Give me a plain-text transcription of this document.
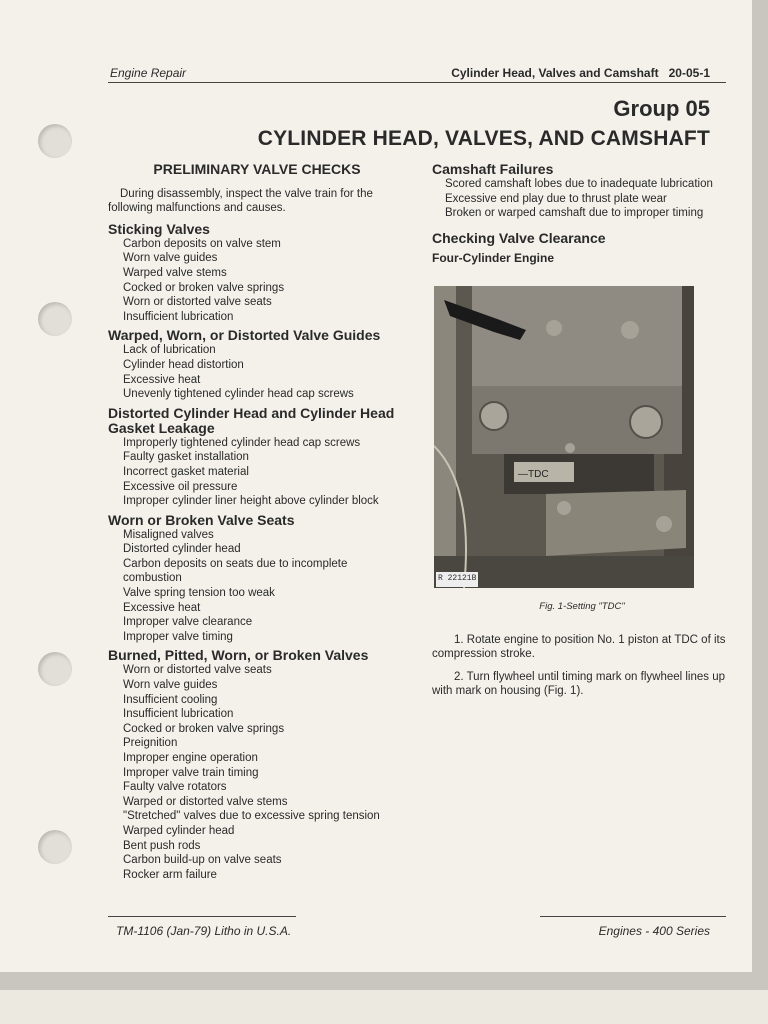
Engine Repair	Cylinder Head, Valves and Camshaft 20-05-1
Group 05
CYLINDER HEAD, VALVES, AND CAMSHAFT
PRELIMINARY VALVE CHECKS

During disassembly, inspect the valve train for the following malfunctions and causes.

Sticking Valves
Carbon deposits on valve stem
Worn valve guides
Warped valve stems
Cocked or broken valve springs
Worn or distorted valve seats
Insufficient lubrication
Warped, Worn, or Distorted Valve Guides
Lack of lubrication
Cylinder head distortion
Excessive heat
Unevenly tightened cylinder head cap screws
Distorted Cylinder Head and Cylinder Head Gasket Leakage
Improperly tightened cylinder head cap screws
Faulty gasket installation
Incorrect gasket material
Excessive oil pressure
Improper cylinder liner height above cylinder block
Worn or Broken Valve Seats
Misaligned valves
Distorted cylinder head
Carbon deposits on seats due to incomplete combustion
Valve spring tension too weak
Excessive heat
Improper valve clearance
Improper valve timing
Burned, Pitted, Worn, or Broken Valves
Worn or distorted valve seats
Worn valve guides
Insufficient cooling
Insufficient lubrication
Cocked or broken valve springs
Preignition
Improper engine operation
Improper valve train timing
Faulty valve rotators
Warped or distorted valve stems
"Stretched" valves due to excessive spring tension
Warped cylinder head
Bent push rods
Carbon build-up on valve seats
Rocker arm failure
Camshaft Failures
Scored camshaft lobes due to inadequate lubrication
Excessive end play due to thrust plate wear
Broken or warped camshaft due to improper timing
Checking Valve Clearance
Four-Cylinder Engine
—TDC
R 22121B
Fig. 1-Setting "TDC"

1. Rotate engine to position No. 1 piston at TDC of its compression stroke.

2. Turn flywheel until timing mark on flywheel lines up with mark on housing (Fig. 1).

TM-1106 (Jan-79) Litho in U.S.A.	Engines - 400 Series
